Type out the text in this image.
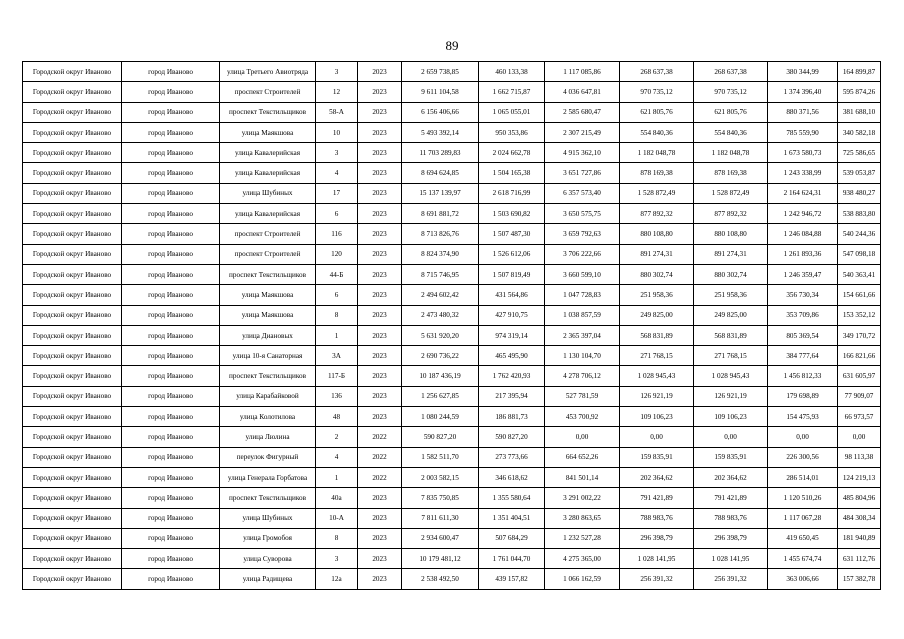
89
Городской округ Иваново	город Иваново	улица Третьего Авиотряда	3	2023	2 659 738,85	460 133,38	1 117 085,86	268 637,38	268 637,38	380 344,99	164 899,87
Городской округ Иваново	город Иваново	проспект Строителей	12	2023	9 611 104,58	1 662 715,87	4 036 647,81	970 735,12	970 735,12	1 374 396,40	595 874,26
Городской округ Иваново	город Иваново	проспект Текстильщиков	58-А	2023	6 156 406,66	1 065 055,01	2 585 680,47	621 805,76	621 805,76	880 371,56	381 688,10
Городской округ Иваново	город Иваново	улица Маякшова	10	2023	5 493 392,14	950 353,86	2 307 215,49	554 840,36	554 840,36	785 559,90	340 582,18
Городской округ Иваново	город Иваново	улица Кавалерийская	3	2023	11 703 289,83	2 024 662,78	4 915 362,10	1 182 048,78	1 182 048,78	1 673 580,73	725 586,65
Городской округ Иваново	город Иваново	улица Кавалерийская	4	2023	8 694 624,85	1 504 165,38	3 651 727,86	878 169,38	878 169,38	1 243 338,99	539 053,87
Городской округ Иваново	город Иваново	улица Шубиных	17	2023	15 137 139,97	2 618 716,99	6 357 573,40	1 528 872,49	1 528 872,49	2 164 624,31	938 480,27
Городской округ Иваново	город Иваново	улица Кавалерийская	6	2023	8 691 881,72	1 503 690,82	3 650 575,75	877 892,32	877 892,32	1 242 946,72	538 883,80
Городской округ Иваново	город Иваново	проспект Строителей	116	2023	8 713 826,76	1 507 487,30	3 659 792,63	880 108,80	880 108,80	1 246 084,88	540 244,36
Городской округ Иваново	город Иваново	проспект Строителей	120	2023	8 824 374,90	1 526 612,06	3 706 222,66	891 274,31	891 274,31	1 261 893,36	547 098,18
Городской округ Иваново	город Иваново	проспект Текстильщиков	44-Б	2023	8 715 746,95	1 507 819,49	3 660 599,10	880 302,74	880 302,74	1 246 359,47	540 363,41
Городской округ Иваново	город Иваново	улица Маякшова	6	2023	2 494 602,42	431 564,86	1 047 728,83	251 958,36	251 958,36	356 730,34	154 661,66
Городской округ Иваново	город Иваново	улица Маякшова	8	2023	2 473 480,32	427 910,75	1 038 857,59	249 825,00	249 825,00	353 709,86	153 352,12
Городской округ Иваново	город Иваново	улица Диановых	1	2023	5 631 920,20	974 319,14	2 365 397,04	568 831,89	568 831,89	805 369,54	349 170,72
Городской округ Иваново	город Иваново	улица 10-я Санаторная	3А	2023	2 690 736,22	465 495,90	1 130 104,70	271 768,15	271 768,15	384 777,64	166 821,66
Городской округ Иваново	город Иваново	проспект Текстильщиков	117-Б	2023	10 187 436,19	1 762 420,93	4 278 706,12	1 028 945,43	1 028 945,43	1 456 812,33	631 605,97
Городской округ Иваново	город Иваново	улица Карабайковой	136	2023	1 256 627,85	217 395,94	527 781,59	126 921,19	126 921,19	179 698,89	77 909,07
Городской округ Иваново	город Иваново	улица Колотилова	48	2023	1 080 244,59	186 881,73	453 700,92	109 106,23	109 106,23	154 475,93	66 973,57
Городской округ Иваново	город Иваново	улица Люлина	2	2022	590 827,20	590 827,20	0,00	0,00	0,00	0,00	0,00
Городской округ Иваново	город Иваново	переулок Фигурный	4	2022	1 582 511,70	273 773,66	664 652,26	159 835,91	159 835,91	226 300,56	98 113,38
Городской округ Иваново	город Иваново	улица Генерала Горбатова	1	2022	2 003 582,15	346 618,62	841 501,14	202 364,62	202 364,62	286 514,01	124 219,13
Городской округ Иваново	город Иваново	проспект Текстильщиков	40а	2023	7 835 750,85	1 355 580,64	3 291 002,22	791 421,89	791 421,89	1 120 510,26	485 804,96
Городской округ Иваново	город Иваново	улица Шубиных	10-А	2023	7 811 611,30	1 351 404,51	3 280 863,65	788 983,76	788 983,76	1 117 067,28	484 308,34
Городской округ Иваново	город Иваново	улица Громобоя	8	2023	2 934 600,47	507 684,29	1 232 527,28	296 398,79	296 398,79	419 650,45	181 940,89
Городской округ Иваново	город Иваново	улица Суворова	3	2023	10 179 481,12	1 761 044,70	4 275 365,00	1 028 141,95	1 028 141,95	1 455 674,74	631 112,76
Городской округ Иваново	город Иваново	улица Радищева	12а	2023	2 538 492,50	439 157,82	1 066 162,59	256 391,32	256 391,32	363 006,66	157 382,78
